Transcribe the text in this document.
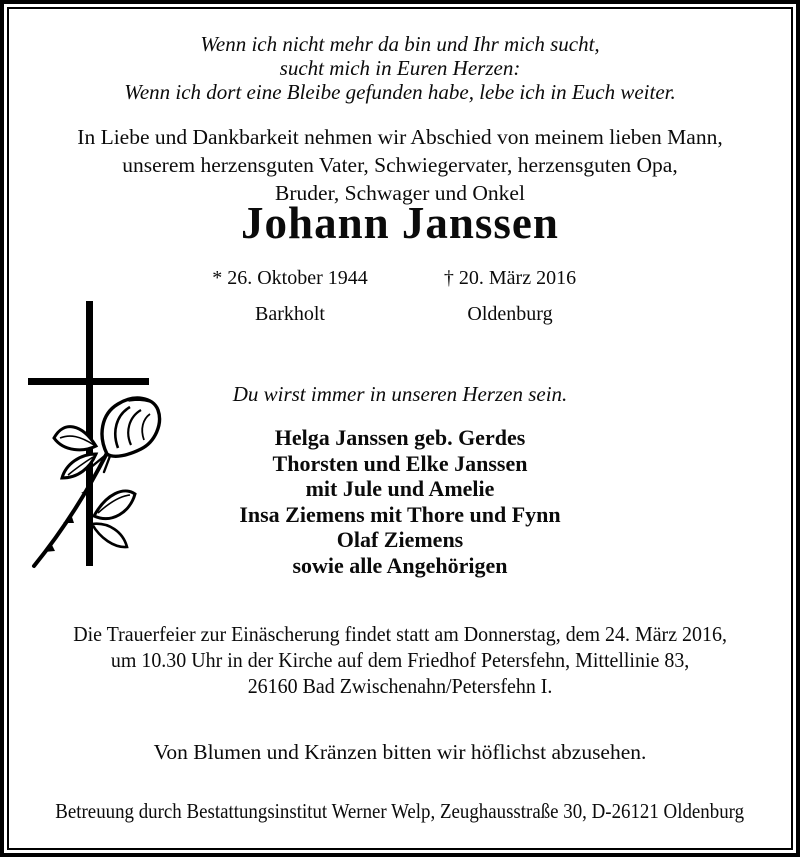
Wenn ich nicht mehr da bin und Ihr mich sucht,
sucht mich in Euren Herzen:
Wenn ich dort eine Bleibe gefunden habe, lebe ich in Euch weiter.
In Liebe und Dankbarkeit nehmen wir Abschied von meinem lieben Mann,
unserem herzensguten Vater, Schwiegervater, herzensguten Opa,
Bruder, Schwager und Onkel
Johann Janssen
* 26. Oktober 1944
Barkholt
† 20. März 2016
Oldenburg
Du wirst immer in unseren Herzen sein.
Helga Janssen geb. Gerdes
Thorsten und Elke Janssen
mit Jule und Amelie
Insa Ziemens mit Thore und Fynn
Olaf Ziemens
sowie alle Angehörigen
Die Trauerfeier zur Einäscherung findet statt am Donnerstag, dem 24. März 2016,
um 10.30 Uhr in der Kirche auf dem Friedhof Petersfehn, Mittellinie 83,
26160 Bad Zwischenahn/Petersfehn I.
Von Blumen und Kränzen bitten wir höflichst abzusehen.
Betreuung durch Bestattungsinstitut Werner Welp, Zeughausstraße 30, D-26121 Oldenburg
